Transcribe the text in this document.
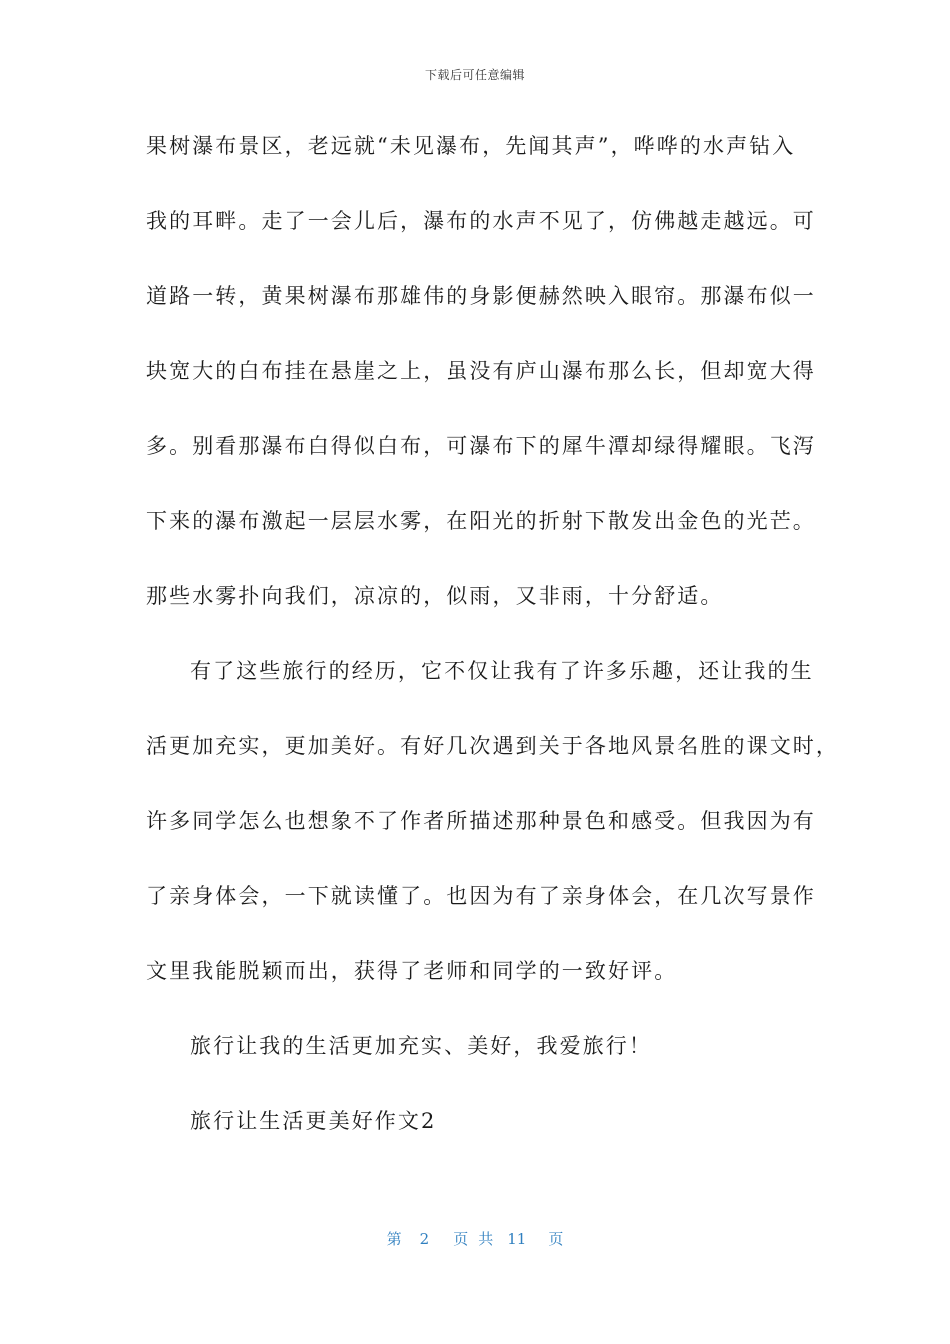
下载后可任意编辑
果树瀑布景区，老远就“未见瀑布，先闻其声”，哗哗的水声钻入
我的耳畔。走了一会儿后，瀑布的水声不见了，仿佛越走越远。可
道路一转，黄果树瀑布那雄伟的身影便赫然映入眼帘。那瀑布似一
块宽大的白布挂在悬崖之上，虽没有庐山瀑布那么长，但却宽大得
多。别看那瀑布白得似白布，可瀑布下的犀牛潭却绿得耀眼。飞泻
下来的瀑布激起一层层水雾，在阳光的折射下散发出金色的光芒。
那些水雾扑向我们，凉凉的，似雨，又非雨，十分舒适。
有了这些旅行的经历，它不仅让我有了许多乐趣，还让我的生
活更加充实，更加美好。有好几次遇到关于各地风景名胜的课文时，
许多同学怎么也想象不了作者所描述那种景色和感受。但我因为有
了亲身体会，一下就读懂了。也因为有了亲身体会，在几次写景作
文里我能脱颖而出，获得了老师和同学的一致好评。
旅行让我的生活更加充实、美好，我爱旅行！
旅行让生活更美好作文2
第 2 页 共 11 页
